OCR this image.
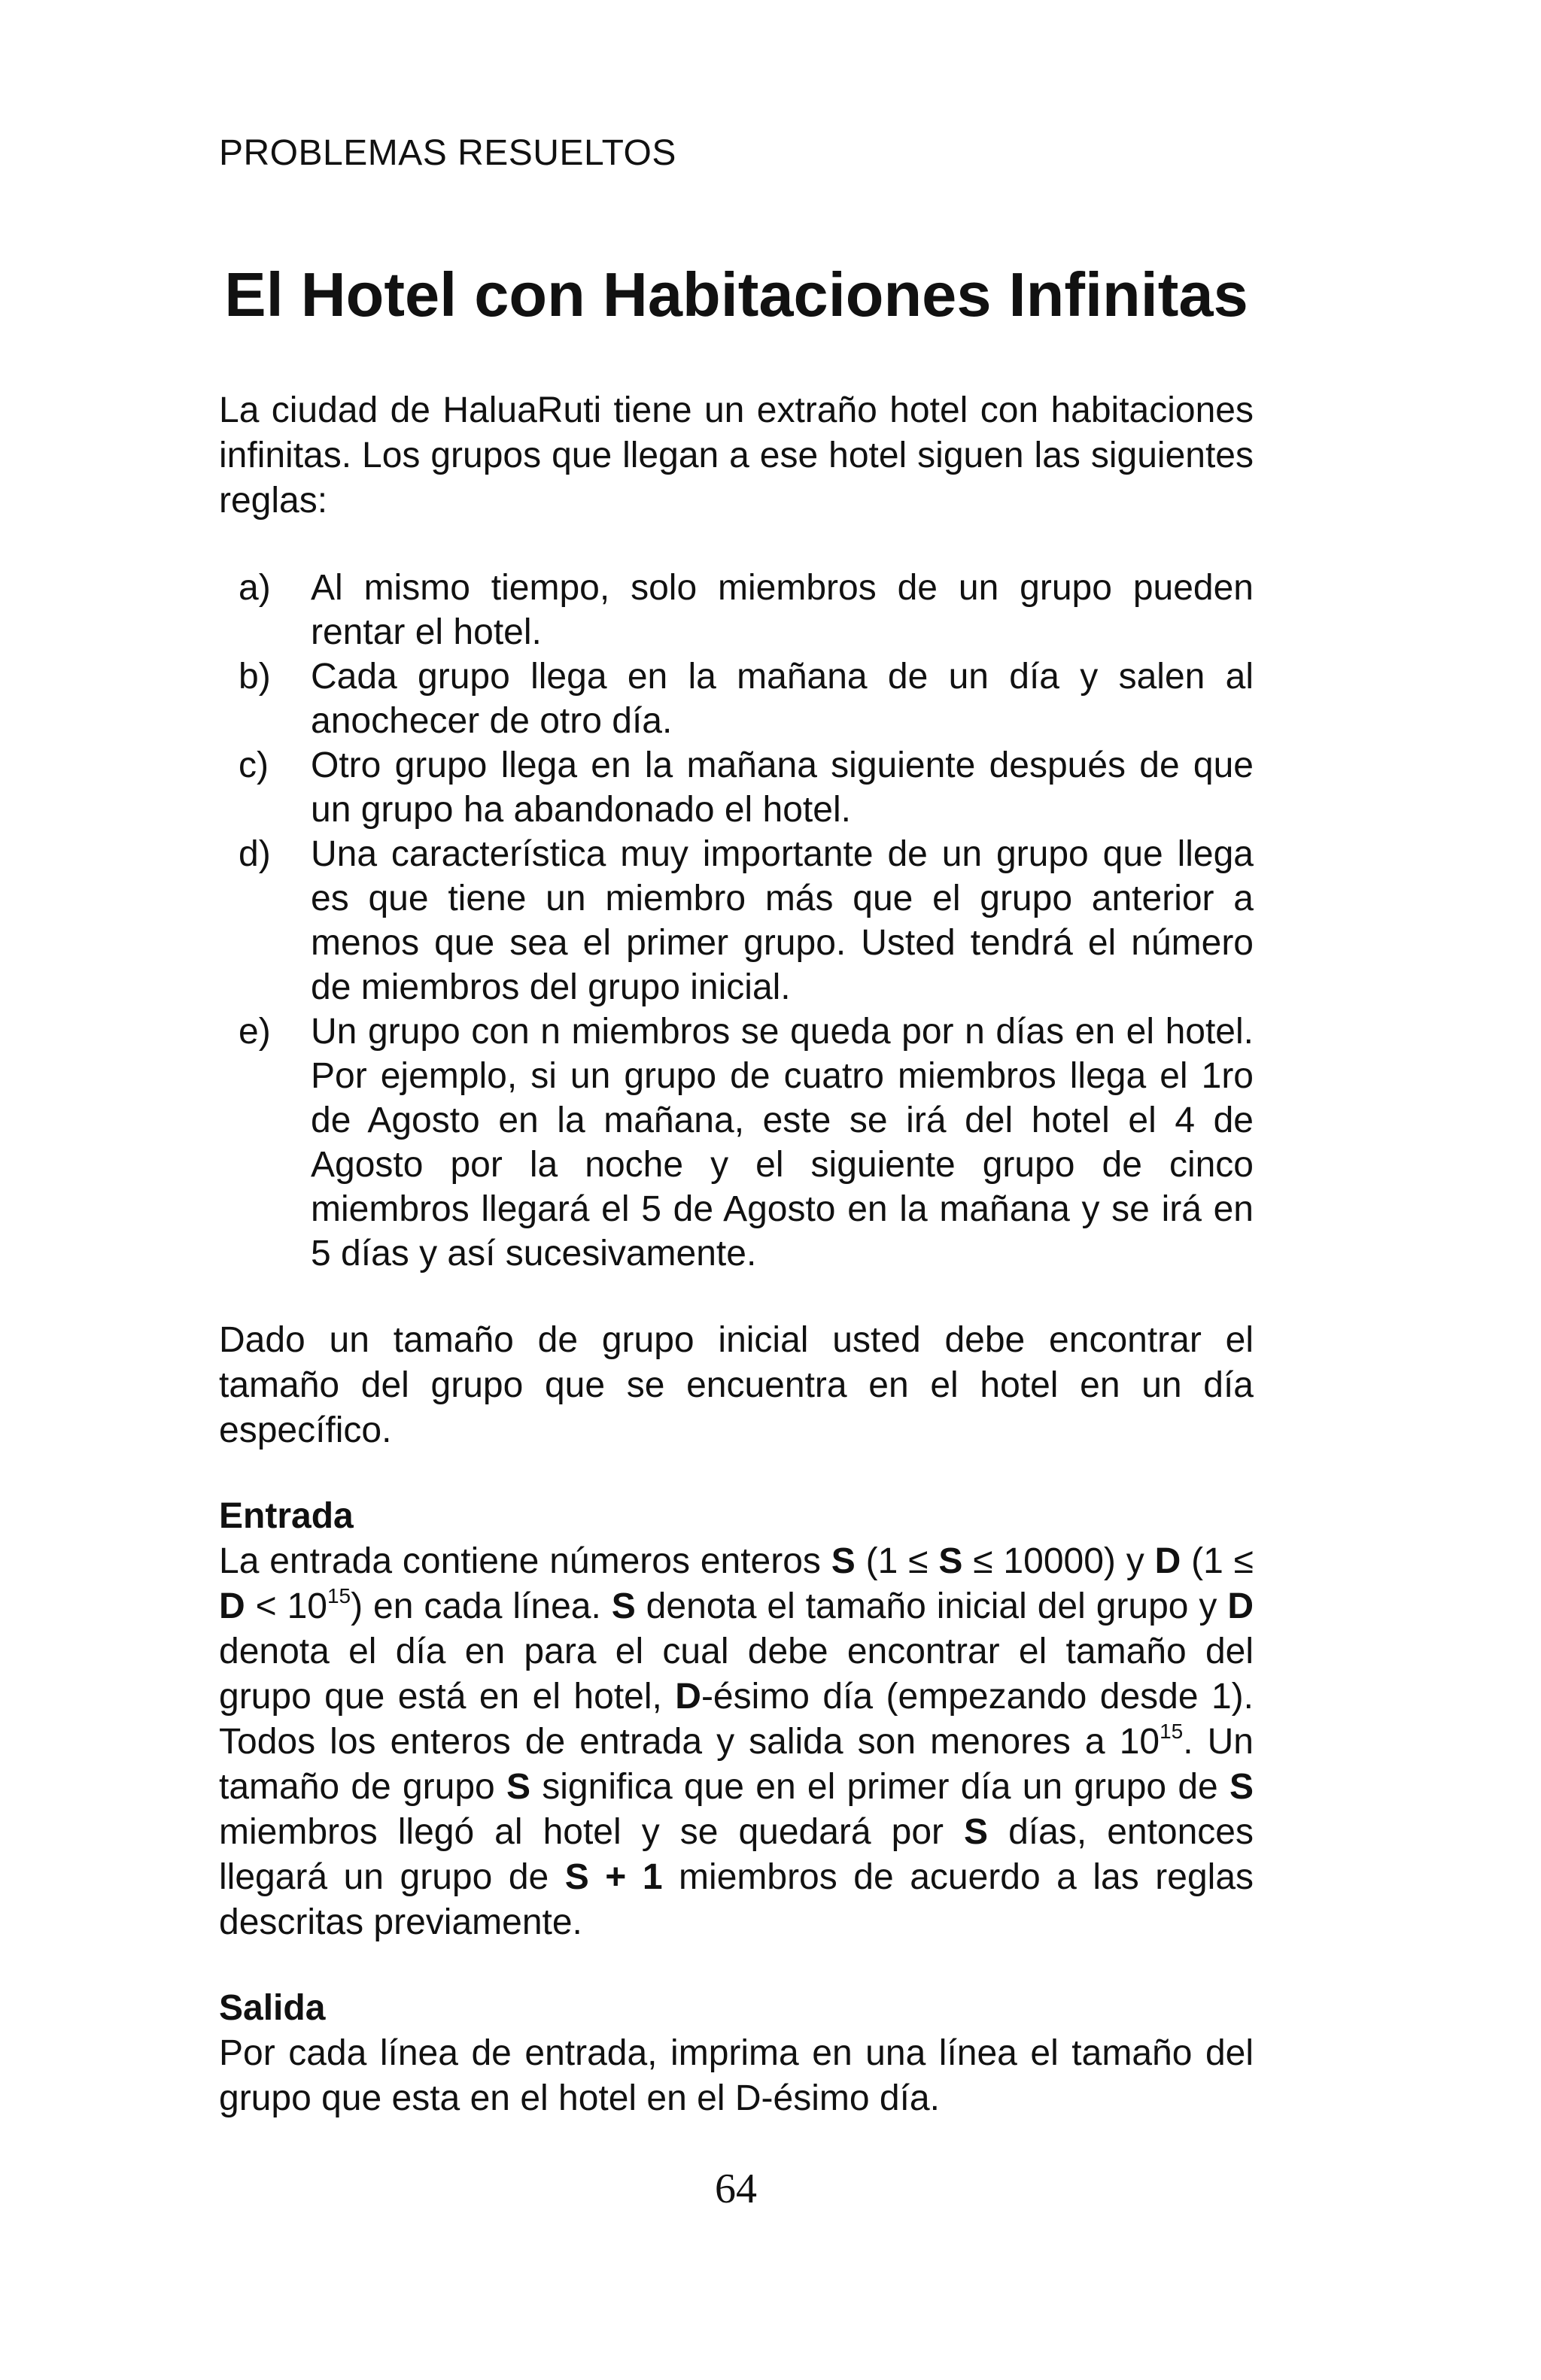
PROBLEMAS RESUELTOS
El Hotel con Habitaciones Infinitas

La ciudad de HaluaRuti tiene un extraño hotel con habitaciones infinitas. Los grupos que llegan a ese hotel siguen las siguientes reglas:

a)	Al mismo tiempo, solo miembros de un grupo pueden rentar el hotel.
b)	Cada grupo llega en la mañana de un día y salen al anochecer de otro día.
c)	Otro grupo llega en la mañana siguiente después de que un grupo ha abandonado el hotel.
d)	Una característica muy importante de un grupo que llega es que tiene un miembro más que el grupo anterior a menos que sea el primer grupo. Usted tendrá el número de miembros del grupo inicial.
e)	Un grupo con n miembros se queda por n días en el hotel. Por ejemplo, si un grupo de cuatro miembros llega el 1ro de Agosto en la mañana, este se irá del hotel el 4 de Agosto por la noche y el siguiente grupo de cinco miembros llegará el 5 de Agosto en la mañana y se irá en 5 días y así sucesivamente.

Dado un tamaño de grupo inicial usted debe encontrar el tamaño del grupo que se encuentra en el hotel en un día específico.

Entrada

La entrada contiene números enteros S (1 ≤ S ≤ 10000) y D $(1 \le D < 10^{15})$ en cada línea. S denota el tamaño inicial del grupo y D denota el día en para el cual debe encontrar el tamaño del grupo que está en el hotel, D-ésimo día (empezando desde 1). Todos los enteros de entrada y salida son menores a $10^{15}$. Un tamaño de grupo S significa que en el primer día un grupo de S miembros llegó al hotel y se quedará por S días, entonces llegará un grupo de S + 1 miembros de acuerdo a las reglas descritas previamente.

Salida

Por cada línea de entrada, imprima en una línea el tamaño del grupo que esta en el hotel en el D-ésimo día.

64
